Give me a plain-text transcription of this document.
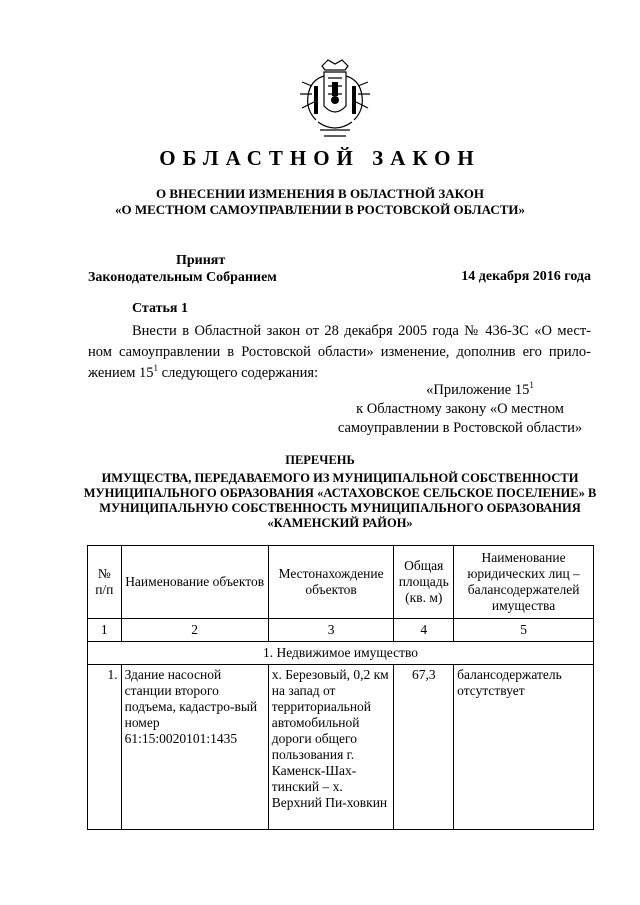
ОБЛАСТНОЙ ЗАКОН
О ВНЕСЕНИИ ИЗМЕНЕНИЯ В ОБЛАСТНОЙ ЗАКОН
«О МЕСТНОМ САМОУПРАВЛЕНИИ В РОСТОВСКОЙ ОБЛАСТИ»
Принят
Законодательным Собранием	14 декабря 2016 года
Статья 1
Внести в Областной закон от 28 декабря 2005 года № 436-ЗС «О мест-ном самоуправлении в Ростовской области» изменение, дополнив его прило-жением $15^1$ следующего содержания:
«Приложение $15^1$
к Областному закону «О местном
самоуправлении в Ростовской области»
ПЕРЕЧЕНЬ
ИМУЩЕСТВА, ПЕРЕДАВАЕМОГО ИЗ МУНИЦИПАЛЬНОЙ СОБСТВЕННОСТИ МУНИЦИПАЛЬНОГО ОБРАЗОВАНИЯ «АСТАХОВСКОЕ СЕЛЬСКОЕ ПОСЕЛЕНИЕ» В МУНИЦИПАЛЬНУЮ СОБСТВЕННОСТЬ МУНИЦИПАЛЬНОГО ОБРАЗОВАНИЯ «КАМЕНСКИЙ РАЙОН»
№ п/п	Наименование объектов	Местонахождение объектов	Общая площадь (кв. м)	Наименование юридических лиц – балансодержателей имущества
1	2	3	4	5
1. Недвижимое имущество				
1.	Здание насосной станции второго подъема, кадастро-вый номер 61:15:0020101:1435	х. Березовый, 0,2 км на запад от территориальной автомобильной дороги общего пользования г. Каменск-Шах-тинский – х. Верхний Пи-ховкин	67,3	балансодержатель отсутствует
